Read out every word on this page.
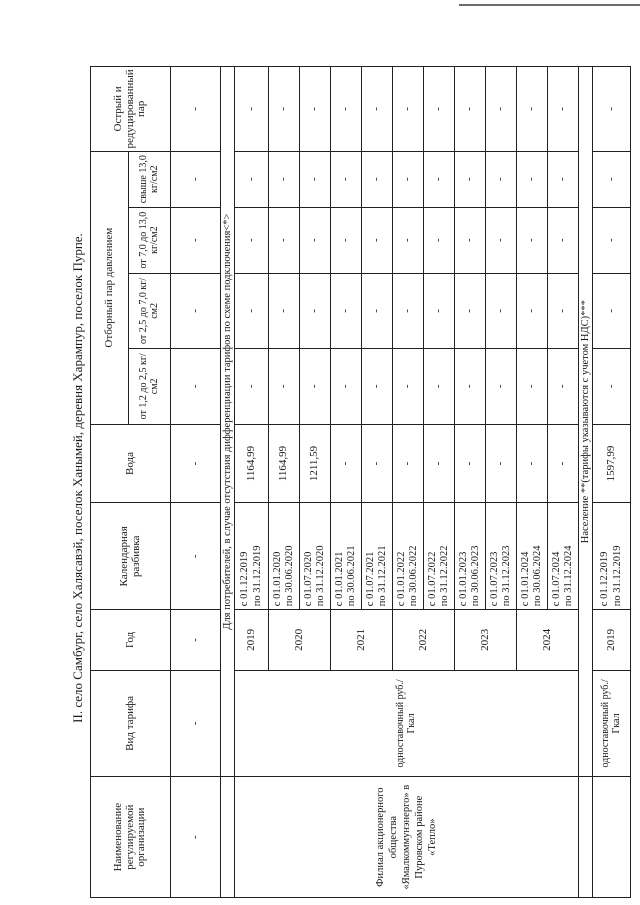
II. село Самбург, село Халясавэй, поселок Ханымей, деревня Харампур, поселок Пурпе.
Наименование регулируемой организации	Вид тарифа	Год	Календарная разбивка	Вода	Отборный пар давлением				Острый и редуцированный пар
					от 1,2 до 2,5 кг/см2	от 2,5 до 7,0 кг/см2	от 7,0 до 13,0 кг/см2	свыше 13,0 кг/см2	
-	-	-	-	-	-	-	-	-	-
	Для потребителей, в случае отсутствия дифференциации тарифов по схеме подключения<*>								
Филиал акционерного общества «Ямалкоммунэнерго» в Пуровском районе «Тепло»	одноставочный руб./Гкал	2019	с 01.12.2019 по 31.12.2019	1164,99	-	-	-	-	-
		2020	с 01.01.2020 по 30.06.2020	1164,99	-	-	-	-	-

			с 01.07.2020 по 31.12.2020	1211,59	-	-	-	-	-
		2021	с 01.01.2021 по 30.06.2021	-	-	-	-	-	-

			с 01.07.2021 по 31.12.2021	-	-	-	-	-	-
		2022	с 01.01.2022 по 30.06.2022	-	-	-	-	-	-

			с 01.07.2022 по 31.12.2022	-	-	-	-	-	-
		2023	с 01.01.2023 по 30.06.2023	-	-	-	-	-	-

			с 01.07.2023 по 31.12.2023	-	-	-	-	-	-
		2024	с 01.01.2024 по 30.06.2024	-	-	-	-	-	-

			с 01.07.2024 по 31.12.2024	-	-	-	-	-	-
	Население **(тарифы указываются с учетом НДС)***								
	одноставочный руб./Гкал	2019	с 01.12.2019 по 31.12.2019	1597,99	-	-	-	-	-
